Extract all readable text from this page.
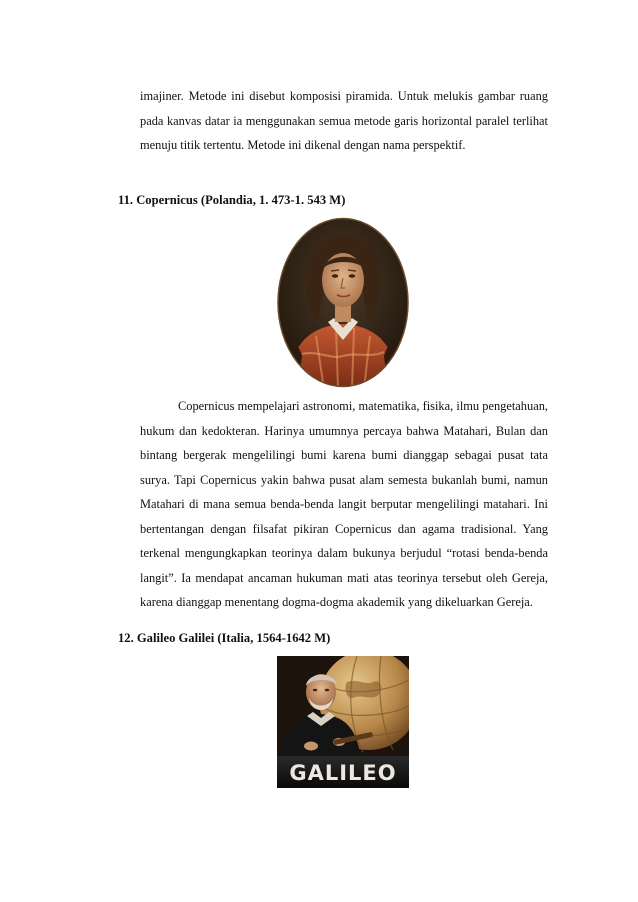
imajiner. Metode ini disebut komposisi piramida. Untuk melukis gambar ruang pada kanvas datar ia menggunakan semua metode garis horizontal paralel terlihat menuju titik tertentu. Metode ini dikenal dengan nama perspektif.

11. Copernicus (Polandia, 1. 473-1. 543 M)

Copernicus mempelajari astronomi, matematika, fisika, ilmu pengetahuan, hukum dan kedokteran. Harinya umumnya percaya bahwa Matahari, Bulan dan bintang bergerak mengelilingi bumi karena bumi dianggap sebagai pusat tata surya. Tapi Copernicus yakin bahwa pusat alam semesta bukanlah bumi, namun Matahari di mana semua benda-benda langit berputar mengelilingi matahari. Ini bertentangan dengan filsafat pikiran Copernicus dan agama tradisional. Yang terkenal mengungkapkan teorinya dalam bukunya berjudul “rotasi benda-benda langit”. Ia mendapat ancaman hukuman mati atas teorinya tersebut oleh Gereja, karena dianggap menentang dogma-dogma akademik yang dikeluarkan Gereja.

12. Galileo Galilei (Italia, 1564-1642 M)

GALILEO
